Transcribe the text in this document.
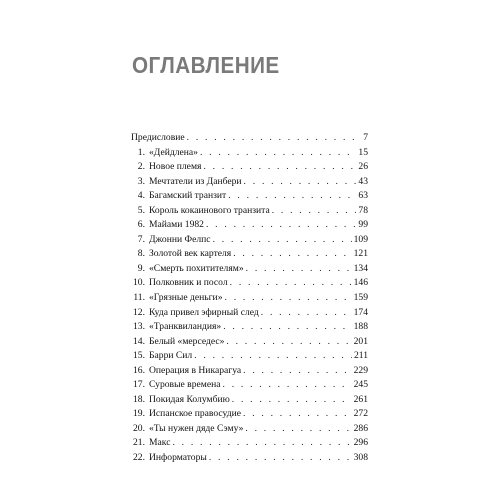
ОГЛАВЛЕНИЕ
Предисловие . . .	7
1. «Дейдлена» . . .	15
2. Новое племя . . .	26
3. Мечтатели из Данбери . . .	43
4. Багамский транзит . . .	63
5. Король кокаинового транзита . . .	78
6. Майами 1982 . . .	99
7. Джонни Фелпс . . .	109
8. Золотой век картеля . . .	121
9. «Смерть похитителям» . . .	134
10. Полковник и посол . . .	146
11. «Грязные деньги» . . .	159
12. Куда привел эфирный след . . .	174
13. «Транквиландия» . . .	188
14. Белый «мерседес» . . .	201
15. Барри Сил . . .	211
16. Операция в Никарагуа . . .	229
17. Суровые времена . . .	245
18. Покидая Колумбию . . .	261
19. Испанское правосудие . . .	272
20. «Ты нужен дяде Сэму» . . .	286
21. Макс . . .	296
22. Информаторы . . .	308
